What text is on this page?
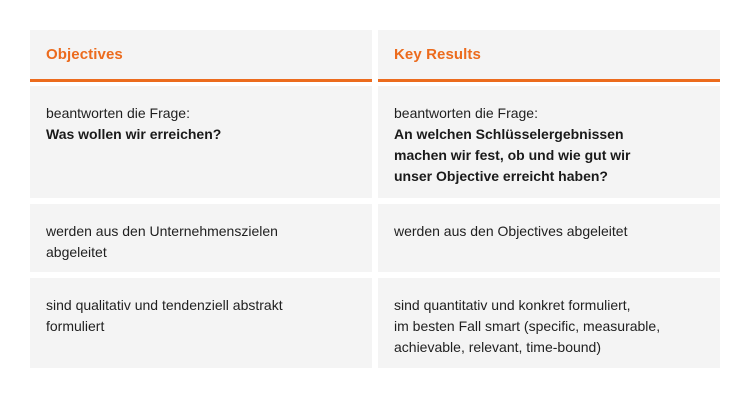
Objectives	Key Results
beantworten die Frage:
Was wollen wir erreichen?
beantworten die Frage:
An welchen Schlüsselergebnissen
machen wir fest, ob und wie gut wir
unser Objective erreicht haben?
werden aus den Unternehmenszielen
abgeleitet
werden aus den Objectives abgeleitet
sind qualitativ und tendenziell abstrakt
formuliert
sind quantitativ und konkret formuliert,
im besten Fall smart (specific, measurable,
achievable, relevant, time-bound)
